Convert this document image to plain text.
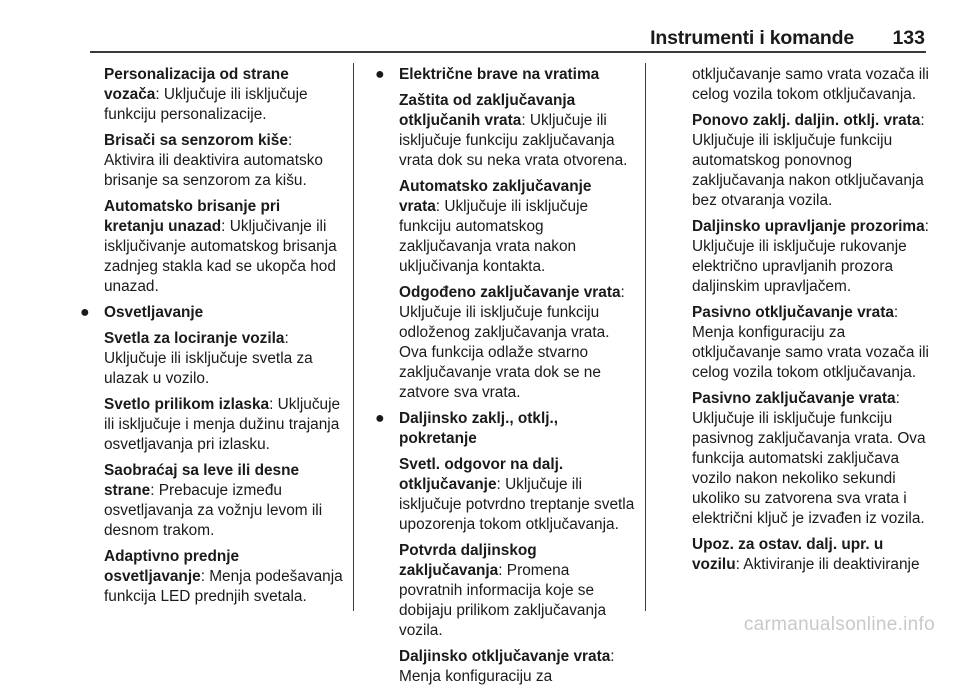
Instrumenti i komande 133

Personalizacija od strane vozača: Uključuje ili isključuje funkciju personalizacije.

Brisači sa senzorom kiše: Aktivira ili deaktivira automatsko brisanje sa senzorom za kišu.

Automatsko brisanje pri kretanju unazad: Uključivanje ili isključivanje automatskog brisanja zadnjeg stakla kad se ukopča hod unazad.

● Osvetljavanje

Svetla za lociranje vozila: Uključuje ili isključuje svetla za ulazak u vozilo.

Svetlo prilikom izlaska: Uključuje ili isključuje i menja dužinu trajanja osvetljavanja pri izlasku.

Saobraćaj sa leve ili desne strane: Prebacuje između osvetljavanja za vožnju levom ili desnom trakom.

Adaptivno prednje osvetljavanje: Menja podešavanja funkcija LED prednjih svetala.

● Električne brave na vratima

Zaštita od zaključavanja otključanih vrata: Uključuje ili isključuje funkciju zaključavanja vrata dok su neka vrata otvorena.

Automatsko zaključavanje vrata: Uključuje ili isključuje funkciju automatskog zaključavanja vrata nakon uključivanja kontakta.

Odgođeno zaključavanje vrata: Uključuje ili isključuje funkciju odloženog zaključavanja vrata. Ova funkcija odlaže stvarno zaključavanje vrata dok se ne zatvore sva vrata.

● Daljinsko zaklj., otklj., pokretanje

Svetl. odgovor na dalj. otključavanje: Uključuje ili isključuje potvrdno treptanje svetla upozorenja tokom otključavanja.

Potvrda daljinskog zaključavanja: Promena povratnih informacija koje se dobijaju prilikom zaključavanja vozila.

Daljinsko otključavanje vrata: Menja konfiguraciju za

otključavanje samo vrata vozača ili celog vozila tokom otključavanja.

Ponovo zaklj. daljin. otklj. vrata: Uključuje ili isključuje funkciju automatskog ponovnog zaključavanja nakon otključavanja bez otvaranja vozila.

Daljinsko upravljanje prozorima: Uključuje ili isključuje rukovanje električno upravljanih prozora daljinskim upravljačem.

Pasivno otključavanje vrata: Menja konfiguraciju za otključavanje samo vrata vozača ili celog vozila tokom otključavanja.

Pasivno zaključavanje vrata: Uključuje ili isključuje funkciju pasivnog zaključavanja vrata. Ova funkcija automatski zaključava vozilo nakon nekoliko sekundi ukoliko su zatvorena sva vrata i električni ključ je izvađen iz vozila.

Upoz. za ostav. dalj. upr. u vozilu: Aktiviranje ili deaktiviranje

carmanualsonline.info
